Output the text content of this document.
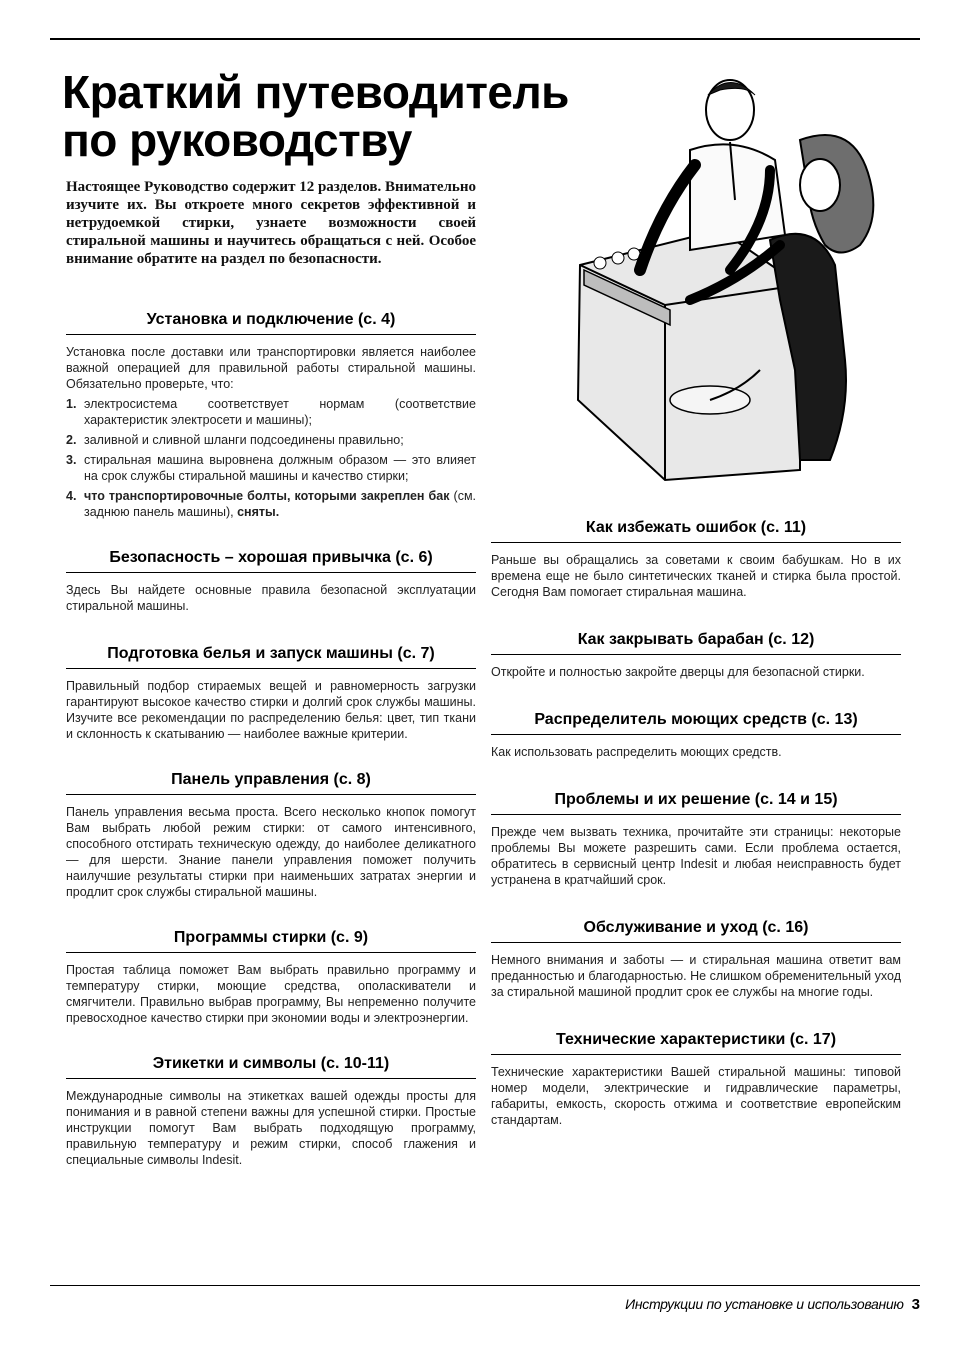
Краткий путеводитель
по руководству

Настоящее Руководство содержит 12 разделов. Внимательно изучите их. Вы откроете много секретов эффективной и нетрудоемкой стирки, узнаете возможности своей стиральной машины и научитесь обращаться с ней. Особое внимание обратите на раздел по безопасности.

Установка и подключение (с. 4)

Установка после доставки или транспортировки является наиболее важной операцией для правильной работы стиральной машины. Обязательно проверьте, что:

1. электросистема соответствует нормам (соответствие характеристик электросети и машины);
2. заливной и сливной шланги подсоединены правильно;
3. стиральная машина выровнена должным образом — это влияет на срок службы стиральной машины и качество стирки;
4. что транспортировочные болты, которыми закреплен бак (см. заднюю панель машины), сняты.
Безопасность – хорошая привычка (с. 6)

Здесь Вы найдете основные правила безопасной эксплуатации стиральной машины.

Подготовка белья и запуск машины (с. 7)

Правильный подбор стираемых вещей и равномерность загрузки гарантируют высокое качество стирки и долгий срок службы машины. Изучите все рекомендации по распределению белья: цвет, тип ткани и склонность к скатыванию — наиболее важные критерии.

Панель управления (с. 8)

Панель управления весьма проста. Всего несколько кнопок помогут Вам выбрать любой режим стирки: от самого интенсивного, способного отстирать техническую одежду, до наиболее деликатного — для шерсти. Знание панели управления поможет получить наилучшие результаты стирки при наименьших затратах энергии и продлит срок службы стиральной машины.

Программы стирки (с. 9)

Простая таблица поможет Вам выбрать правильно программу и температуру стирки, моющие средства, ополаскиватели и смягчители. Правильно выбрав программу, Вы непременно получите превосходное качество стирки при экономии воды и электроэнергии.

Этикетки и символы (с. 10-11)

Международные символы на этикетках вашей одежды просты для понимания и в равной степени важны для успешной стирки. Простые инструкции помогут Вам выбрать подходящую программу, правильную температуру и режим стирки, способ глажения и специальные символы Indesit.

Как избежать ошибок (с. 11)

Раньше вы обращались за советами к своим бабушкам. Но в их времена еще не было синтетических тканей и стирка была простой. Сегодня Вам помогает стиральная машина.

Как закрывать барабан (с. 12)

Откройте и полностью закройте дверцы для безопасной стирки.

Распределитель моющих средств (с. 13)

Как использовать распределить моющих средств.

Проблемы и их решение (с. 14 и 15)

Прежде чем вызвать техника, прочитайте эти страницы: некоторые проблемы Вы можете разрешить сами. Если проблема остается, обратитесь в сервисный центр Indesit и любая неисправность будет устранена в кратчайший срок.

Обслуживание и уход (с. 16)

Немного внимания и заботы — и стиральная машина ответит вам преданностью и благодарностью. Не слишком обременительный уход за стиральной машиной продлит срок ее службы на многие годы.

Технические характеристики (с. 17)

Технические характеристики Вашей стиральной машины: типовой номер модели, электрические и гидравлические параметры, габариты, емкость, скорость отжима и соответствие европейским стандартам.

Инструкции по установке и использованию 3
